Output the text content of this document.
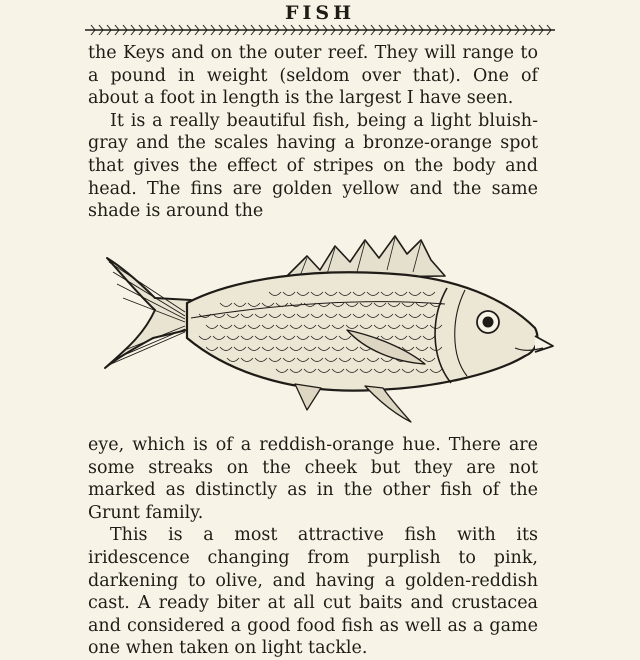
FISH

the Keys and on the outer reef. They will range to a pound in weight (seldom over that). One of about a foot in length is the largest I have seen.

It is a really beautiful fish, being a light bluish-gray and the scales having a bronze-orange spot that gives the effect of stripes on the body and head. The fins are golden yellow and the same shade is around the

eye, which is of a reddish-orange hue. There are some streaks on the cheek but they are not marked as distinctly as in the other fish of the Grunt family.

This is a most attractive fish with its iridescence changing from purplish to pink, darkening to olive, and having a golden-reddish cast. A ready biter at all cut baits and crustacea and considered a good food fish as well as a game one when taken on light tackle.
